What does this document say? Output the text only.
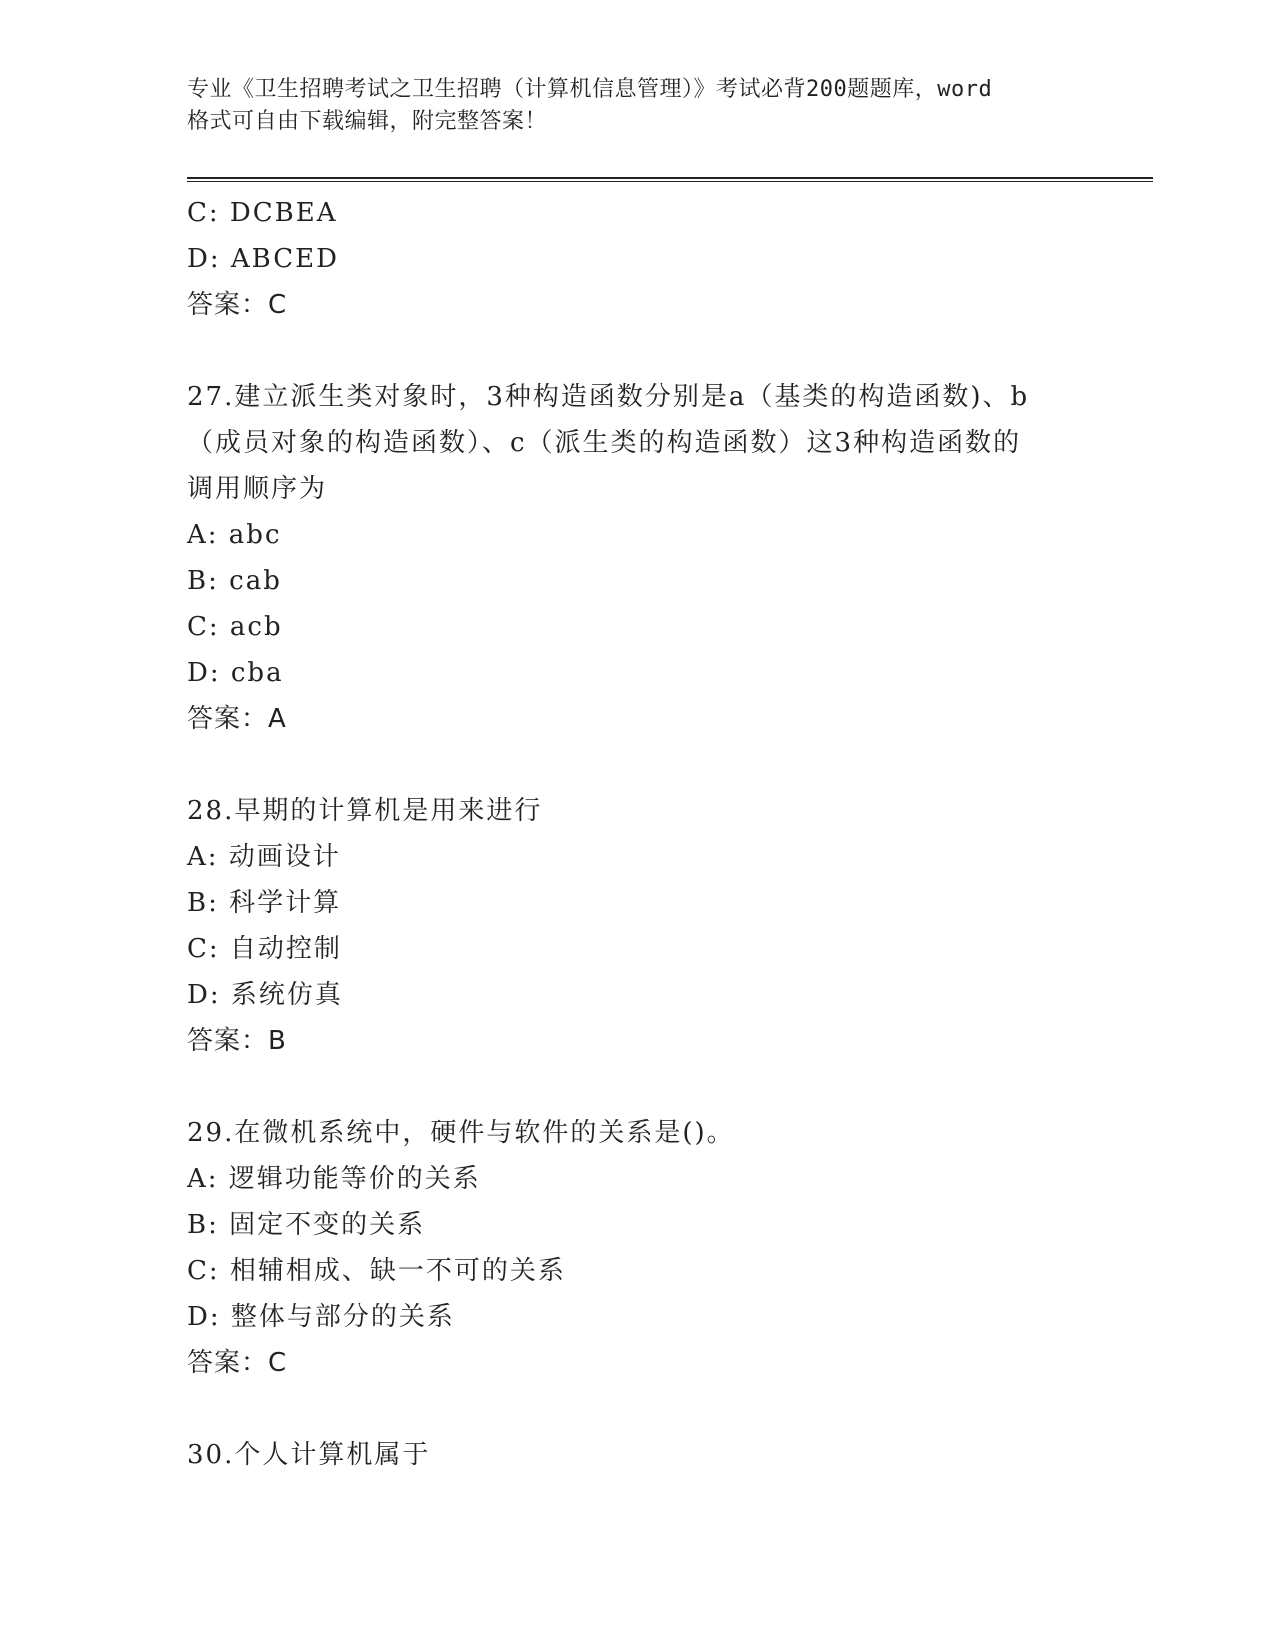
专业《卫生招聘考试之卫生招聘（计算机信息管理）》考试必背200题题库，word
格式可自由下载编辑，附完整答案！
C: DCBEA
D: ABCED
答案：C
27.建立派生类对象时，3种构造函数分别是a（基类的构造函数)、b
（成员对象的构造函数）、c（派生类的构造函数）这3种构造函数的
调用顺序为
A: abc
B: cab
C: acb
D: cba
答案：A
28.早期的计算机是用来进行
A: 动画设计
B: 科学计算
C: 自动控制
D: 系统仿真
答案：B
29.在微机系统中，硬件与软件的关系是()。
A: 逻辑功能等价的关系
B: 固定不变的关系
C: 相辅相成、缺一不可的关系
D: 整体与部分的关系
答案：C
30.个人计算机属于
